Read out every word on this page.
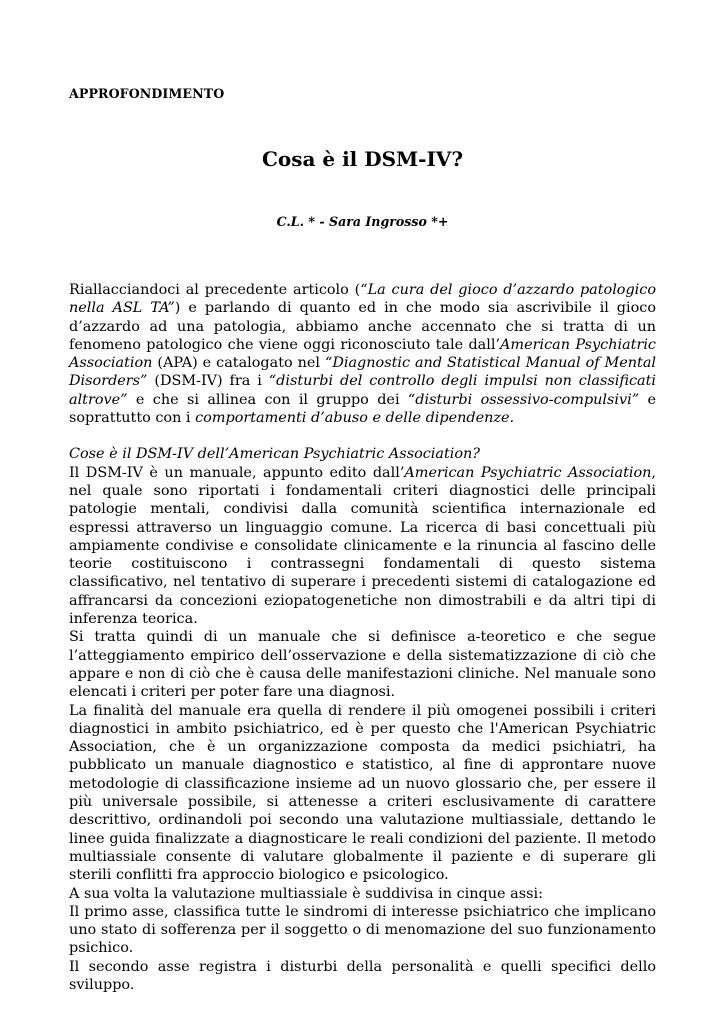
APPROFONDIMENTO
Cosa è il DSM-IV?
C.L. * - Sara Ingrosso *+

Riallacciandoci al precedente articolo (“La cura del gioco d’azzardo patologico nella ASL TA”) e parlando di quanto ed in che modo sia ascrivibile il gioco d’azzardo ad una patologia, abbiamo anche accennato che si tratta di un fenomeno patologico che viene oggi riconosciuto tale dall’American Psychiatric Association (APA) e catalogato nel “Diagnostic and Statistical Manual of Mental Disorders” (DSM-IV) fra i “disturbi del controllo degli impulsi non classificati altrove” e che si allinea con il gruppo dei “disturbi ossessivo-compulsivi” e soprattutto con i comportamenti d’abuso e delle dipendenze.

Cose è il DSM-IV dell’American Psychiatric Association?

Il DSM-IV è un manuale, appunto edito dall’American Psychiatric Association, nel quale sono riportati i fondamentali criteri diagnostici delle principali patologie mentali, condivisi dalla comunità scientifica internazionale ed espressi attraverso un linguaggio comune. La ricerca di basi concettuali più ampiamente condivise e consolidate clinicamente e la rinuncia al fascino delle teorie costituiscono i contrassegni fondamentali di questo sistema classificativo, nel tentativo di superare i precedenti sistemi di catalogazione ed affrancarsi da concezioni eziopatogenetiche non dimostrabili e da altri tipi di inferenza teorica.

Si tratta quindi di un manuale che si definisce a-teoretico e che segue l’atteggiamento empirico dell’osservazione e della sistematizzazione di ciò che appare e non di ciò che è causa delle manifestazioni cliniche. Nel manuale sono elencati i criteri per poter fare una diagnosi.

La finalità del manuale era quella di rendere il più omogenei possibili i criteri diagnostici in ambito psichiatrico, ed è per questo che l'American Psychiatric Association, che è un organizzazione composta da medici psichiatri, ha pubblicato un manuale diagnostico e statistico, al fine di approntare nuove metodologie di classificazione insieme ad un nuovo glossario che, per essere il più universale possibile, si attenesse a criteri esclusivamente di carattere descrittivo, ordinandoli poi secondo una valutazione multiassiale, dettando le linee guida finalizzate a diagnosticare le reali condizioni del paziente. Il metodo multiassiale consente di valutare globalmente il paziente e di superare gli sterili conflitti fra approccio biologico e psicologico.

A sua volta la valutazione multiassiale è suddivisa in cinque assi:

Il primo asse, classifica tutte le sindromi di interesse psichiatrico che implicano uno stato di sofferenza per il soggetto o di menomazione del suo funzionamento psichico.

Il secondo asse registra i disturbi della personalità e quelli specifici dello sviluppo.
